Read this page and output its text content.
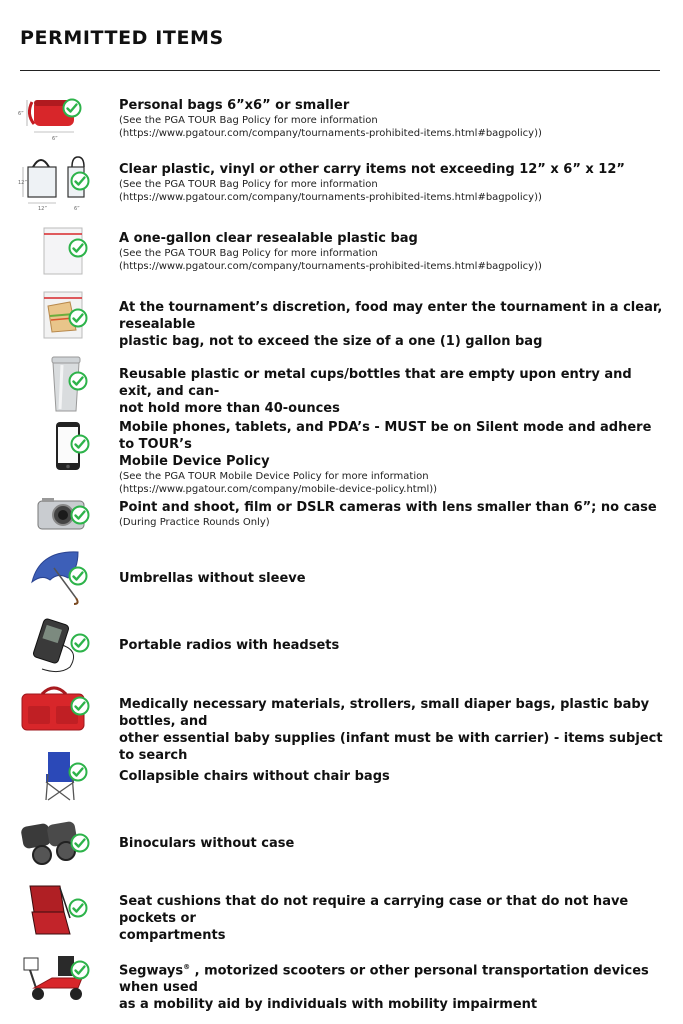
PERMITTED ITEMS
6”
6”

Personal bags 6”x6” or smaller

(See the PGA TOUR Bag Policy for more information

(https://www.pgatour.com/company/tournaments-prohibited-items.html#bagpolicy))

12”
12”
6”

Clear plastic, vinyl or other carry items not exceeding 12” x 6” x 12”

(See the PGA TOUR Bag Policy for more information

(https://www.pgatour.com/company/tournaments-prohibited-items.html#bagpolicy))

A one-gallon clear resealable plastic bag

(See the PGA TOUR Bag Policy for more information

(https://www.pgatour.com/company/tournaments-prohibited-items.html#bagpolicy))

At the tournament’s discretion, food may enter the tournament in a clear, resealable

plastic bag, not to exceed the size of a one (1) gallon bag

Reusable plastic or metal cups/bottles that are empty upon entry and exit, and can-

not hold more than 40-ounces

Mobile phones, tablets, and PDA’s - MUST be on Silent mode and adhere to TOUR’s

Mobile Device Policy

(See the PGA TOUR Mobile Device Policy for more information

(https://www.pgatour.com/company/mobile-device-policy.html))

Point and shoot, film or DSLR cameras with lens smaller than 6”; no case

(During Practice Rounds Only)

Umbrellas without sleeve

Portable radios with headsets

Medically necessary materials, strollers, small diaper bags, plastic baby bottles, and

other essential baby supplies (infant must be with carrier) - items subject to search

Collapsible chairs without chair bags

Binoculars without case

Seat cushions that do not require a carrying case or that do not have pockets or

compartments

Segways® , motorized scooters or other personal transportation devices when used

as a mobility aid by individuals with mobility impairment
